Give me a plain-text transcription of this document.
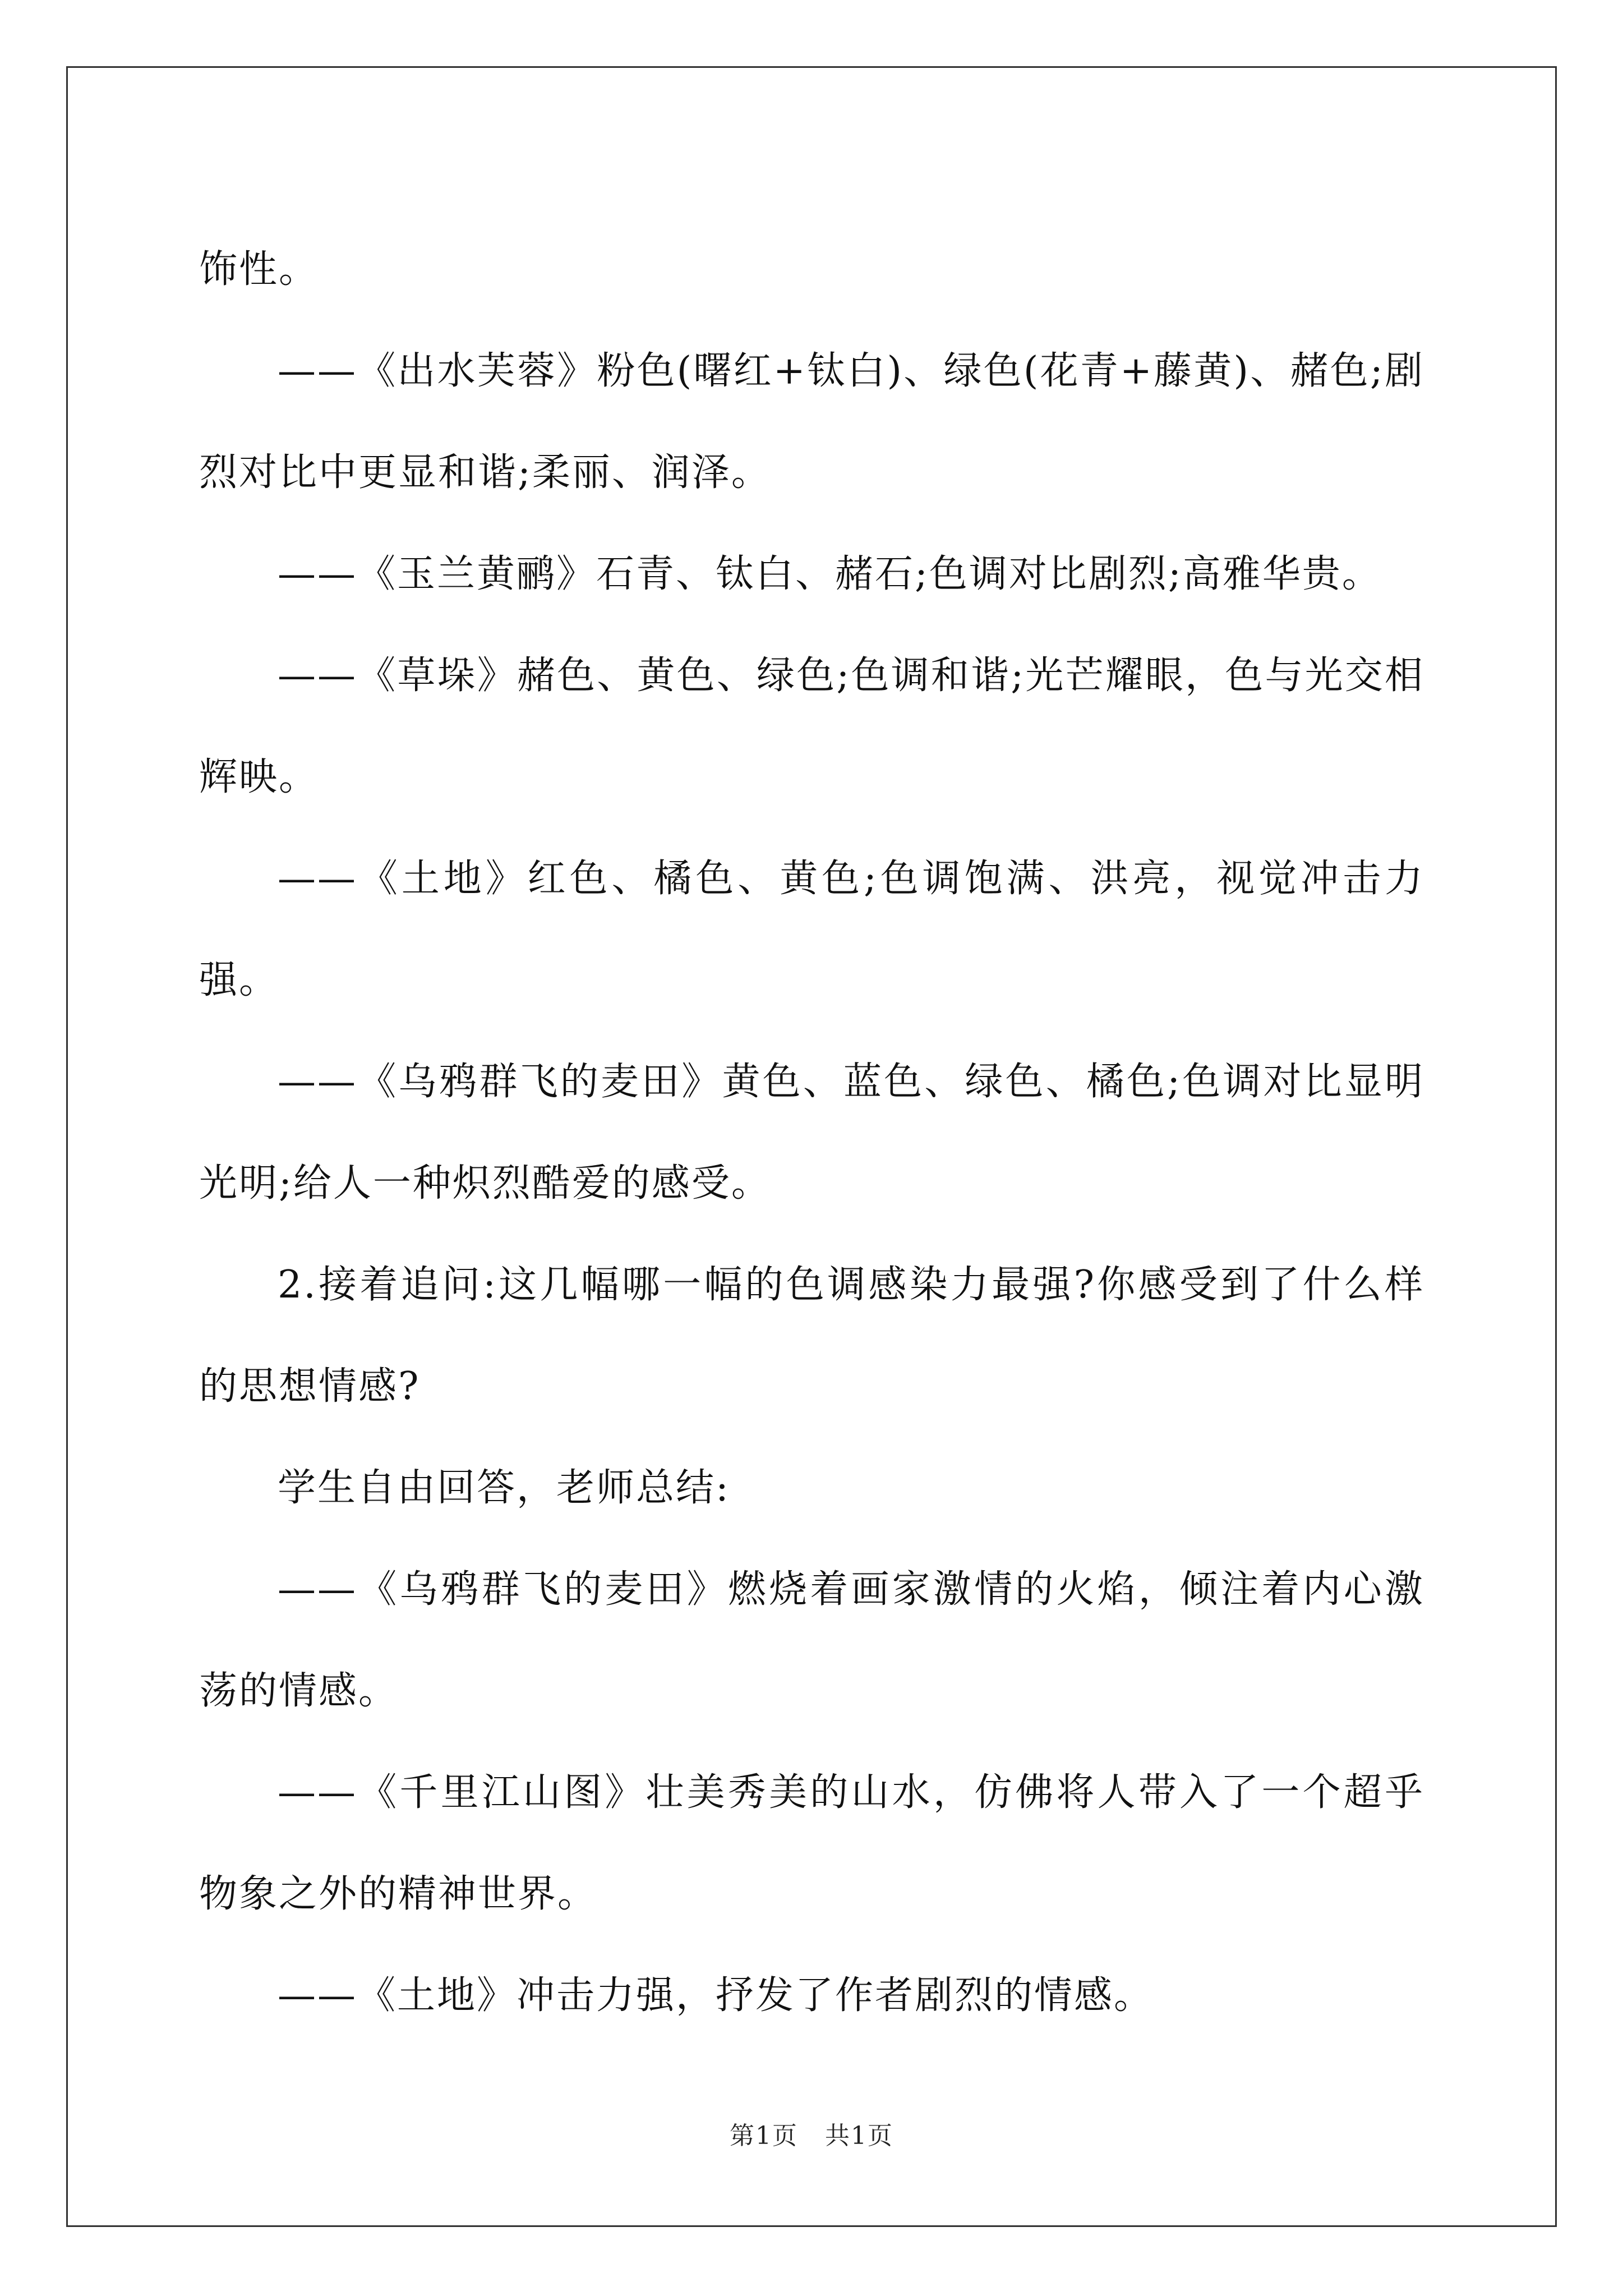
饰性。

——《出水芙蓉》粉色(曙红+钛白)、绿色(花青+藤黄)、赭色;剧烈对比中更显和谐;柔丽、润泽。

——《玉兰黄鹂》石青、钛白、赭石;色调对比剧烈;高雅华贵。

——《草垛》赭色、黄色、绿色;色调和谐;光芒耀眼，色与光交相辉映。

——《土地》红色、橘色、黄色;色调饱满、洪亮，视觉冲击力强。

——《乌鸦群飞的麦田》黄色、蓝色、绿色、橘色;色调对比显明光明;给人一种炽烈酷爱的感受。

2.接着追问:这几幅哪一幅的色调感染力最强?你感受到了什么样的思想情感?

学生自由回答，老师总结:

——《乌鸦群飞的麦田》燃烧着画家激情的火焰，倾注着内心激荡的情感。

——《千里江山图》壮美秀美的山水，仿佛将人带入了一个超乎物象之外的精神世界。

——《土地》冲击力强，抒发了作者剧烈的情感。

第1页 共1页
